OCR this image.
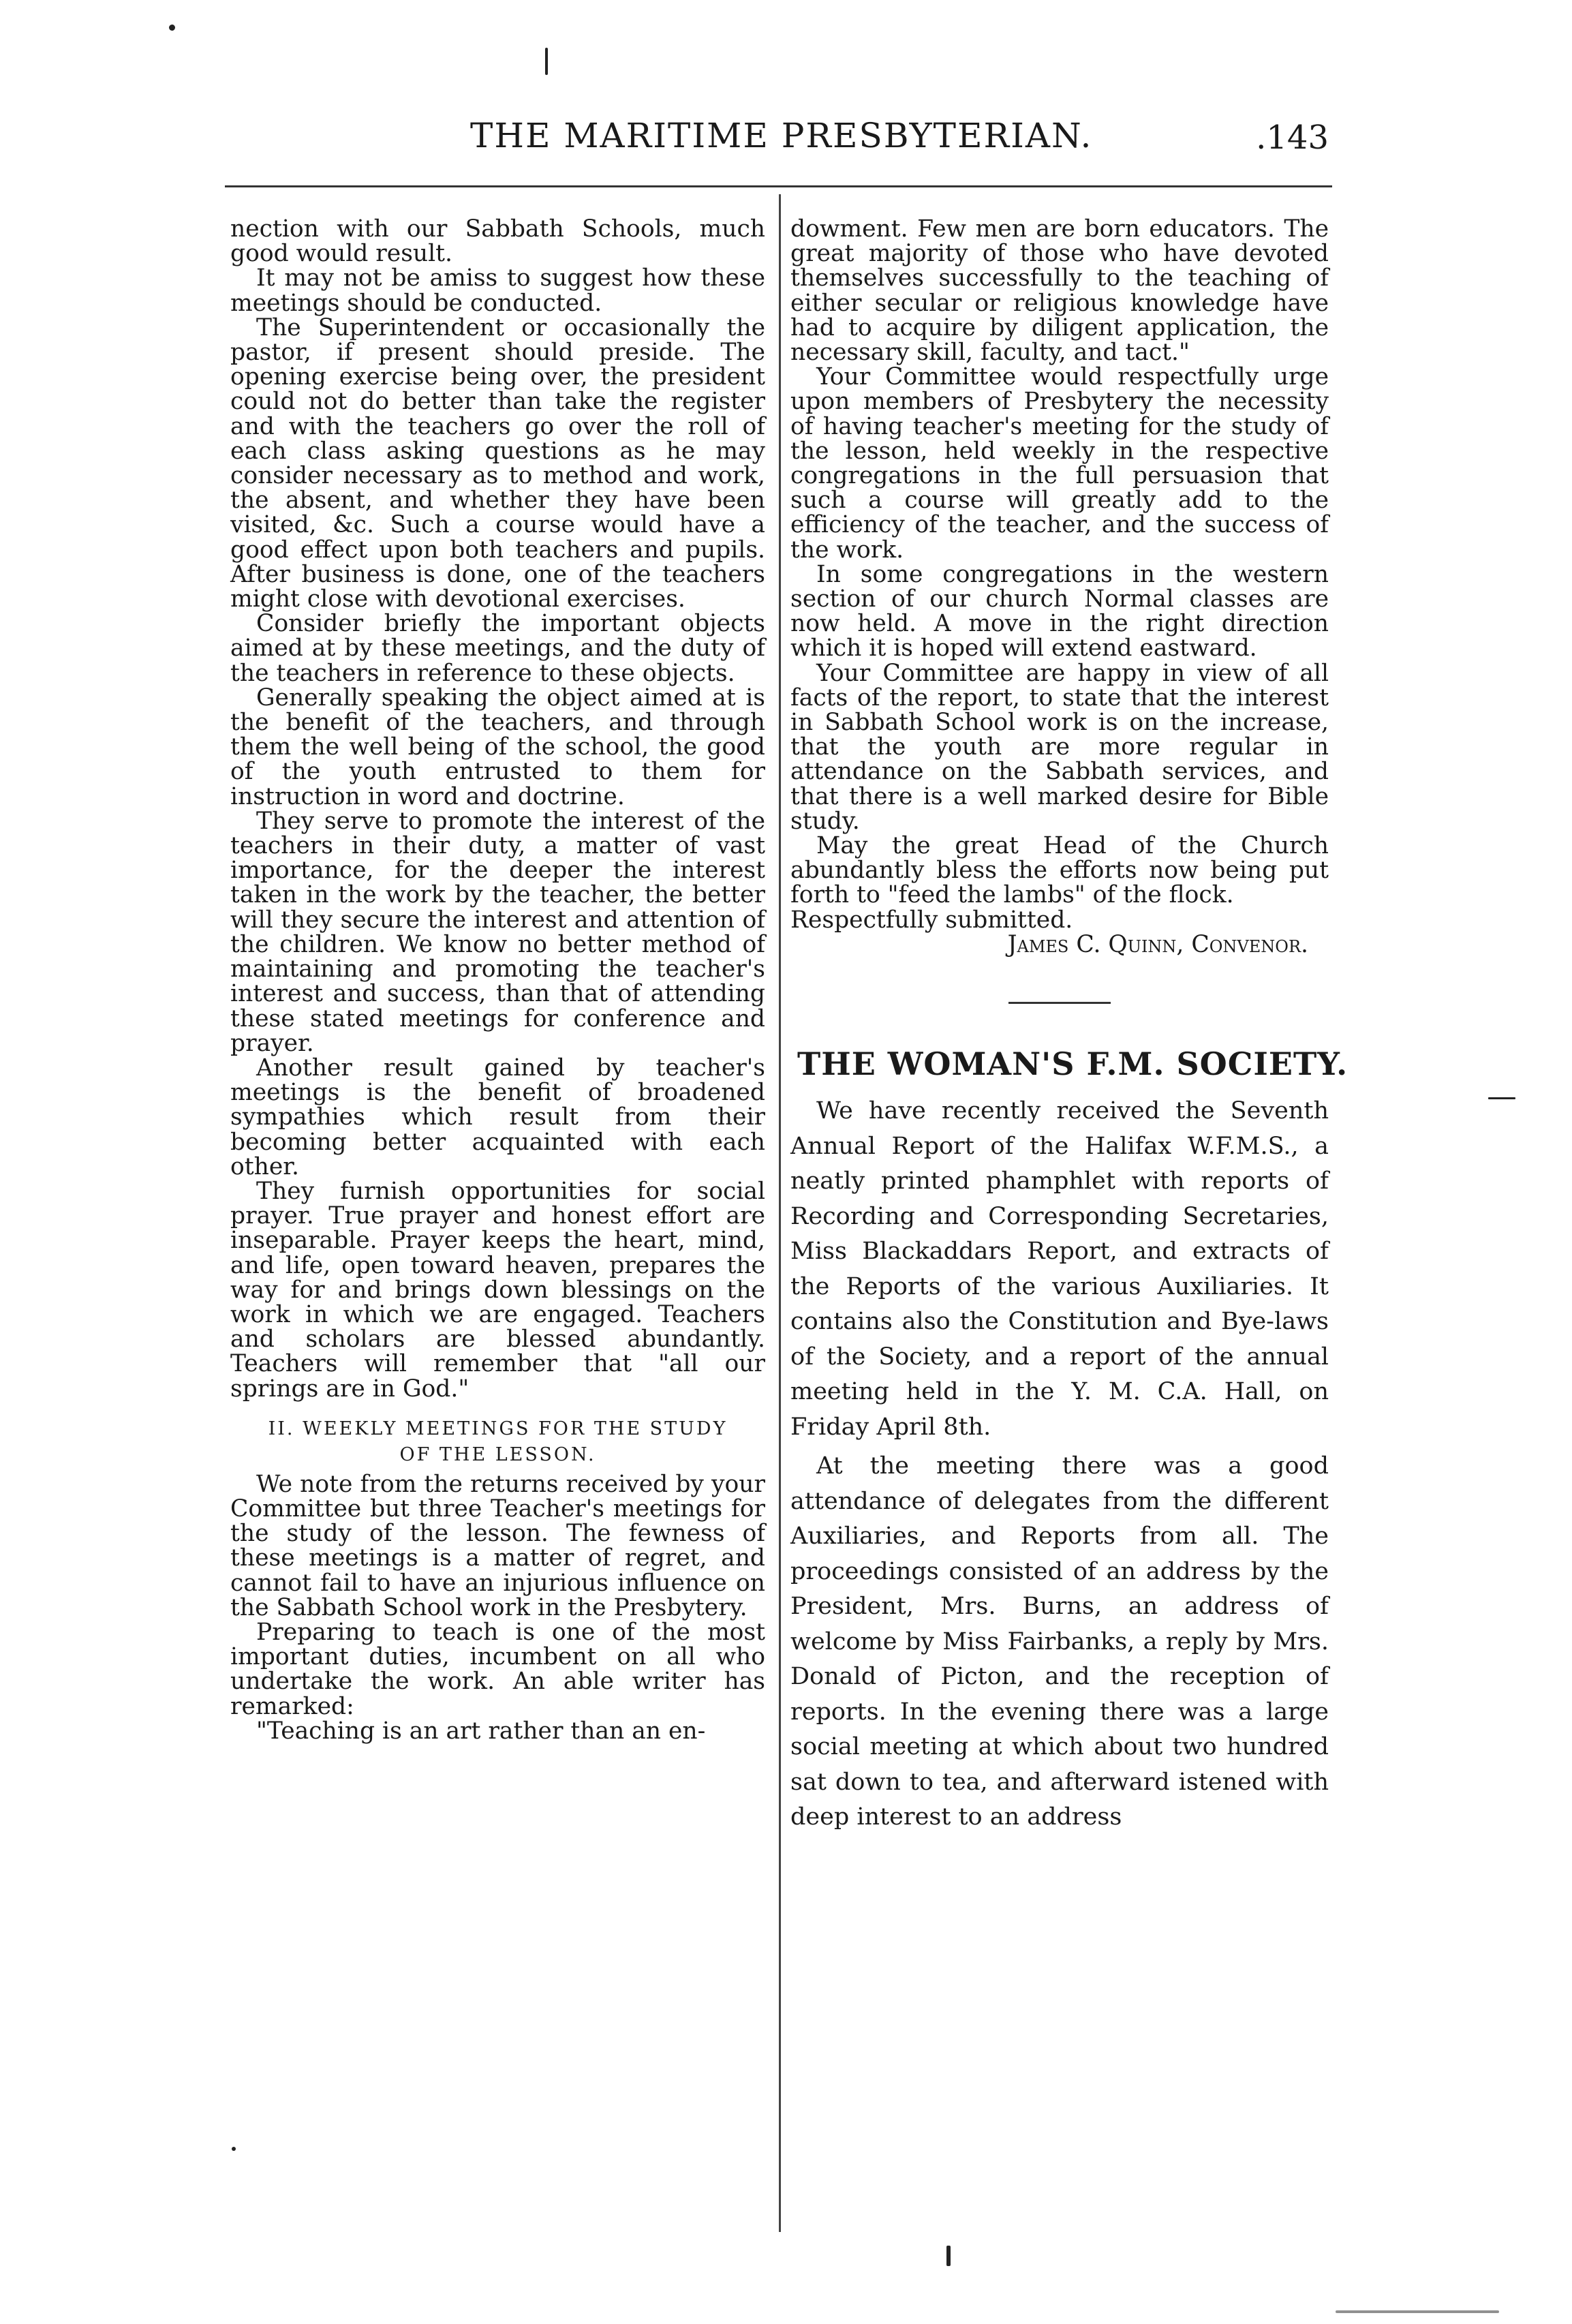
THE MARITIME PRESBYTERIAN.	.143

nection with our Sabbath Schools, much good would result.

It may not be amiss to suggest how these meetings should be conducted.

The Superintendent or occasionally the pastor, if present should preside. The opening exercise being over, the president could not do better than take the register and with the teachers go over the roll of each class asking questions as he may consider necessary as to method and work, the absent, and whether they have been visited, &c. Such a course would have a good effect upon both teachers and pupils. After business is done, one of the teachers might close with devotional exercises.

Consider briefly the important objects aimed at by these meetings, and the duty of the teachers in reference to these objects.

Generally speaking the object aimed at is the benefit of the teachers, and through them the well being of the school, the good of the youth entrusted to them for instruction in word and doctrine.

They serve to promote the interest of the teachers in their duty, a matter of vast importance, for the deeper the interest taken in the work by the teacher, the better will they secure the interest and attention of the children. We know no better method of maintaining and promoting the teacher's interest and success, than that of attending these stated meetings for conference and prayer.

Another result gained by teacher's meetings is the benefit of broadened sympathies which result from their becoming better acquainted with each other.

They furnish opportunities for social prayer. True prayer and honest effort are inseparable. Prayer keeps the heart, mind, and life, open toward heaven, prepares the way for and brings down blessings on the work in which we are engaged. Teachers and scholars are blessed abundantly. Teachers will remember that "all our springs are in God."

II. WEEKLY MEETINGS FOR THE STUDY
OF THE LESSON.

We note from the returns received by your Committee but three Teacher's meetings for the study of the lesson. The fewness of these meetings is a matter of regret, and cannot fail to have an injurious influence on the Sabbath School work in the Presbytery.

Preparing to teach is one of the most important duties, incumbent on all who undertake the work. An able writer has remarked:

"Teaching is an art rather than an en-

dowment. Few men are born educators. The great majority of those who have devoted themselves successfully to the teaching of either secular or religious knowledge have had to acquire by diligent application, the necessary skill, faculty, and tact."

Your Committee would respectfully urge upon members of Presbytery the necessity of having teacher's meeting for the study of the lesson, held weekly in the respective congregations in the full persuasion that such a course will greatly add to the efficiency of the teacher, and the success of the work.

In some congregations in the western section of our church Normal classes are now held. A move in the right direction which it is hoped will extend eastward.

Your Committee are happy in view of all facts of the report, to state that the interest in Sabbath School work is on the increase, that the youth are more regular in attendance on the Sabbath services, and that there is a well marked desire for Bible study.

May the great Head of the Church abundantly bless the efforts now being put forth to "feed the lambs" of the flock.

Respectfully submitted.

James C. Quinn, Convenor.

THE WOMAN'S F.M. SOCIETY.

We have recently received the Seventh Annual Report of the Halifax W.F.M.S., a neatly printed phamphlet with reports of Recording and Corresponding Secretaries, Miss Blackaddars Report, and extracts of the Reports of the various Auxiliaries. It contains also the Constitution and Bye-laws of the Society, and a report of the annual meeting held in the Y. M. C.A. Hall, on Friday April 8th.

At the meeting there was a good attendance of delegates from the different Auxiliaries, and Reports from all. The proceedings consisted of an address by the President, Mrs. Burns, an address of welcome by Miss Fairbanks, a reply by Mrs. Donald of Picton, and the reception of reports. In the evening there was a large social meeting at which about two hundred sat down to tea, and afterward istened with deep interest to an address
